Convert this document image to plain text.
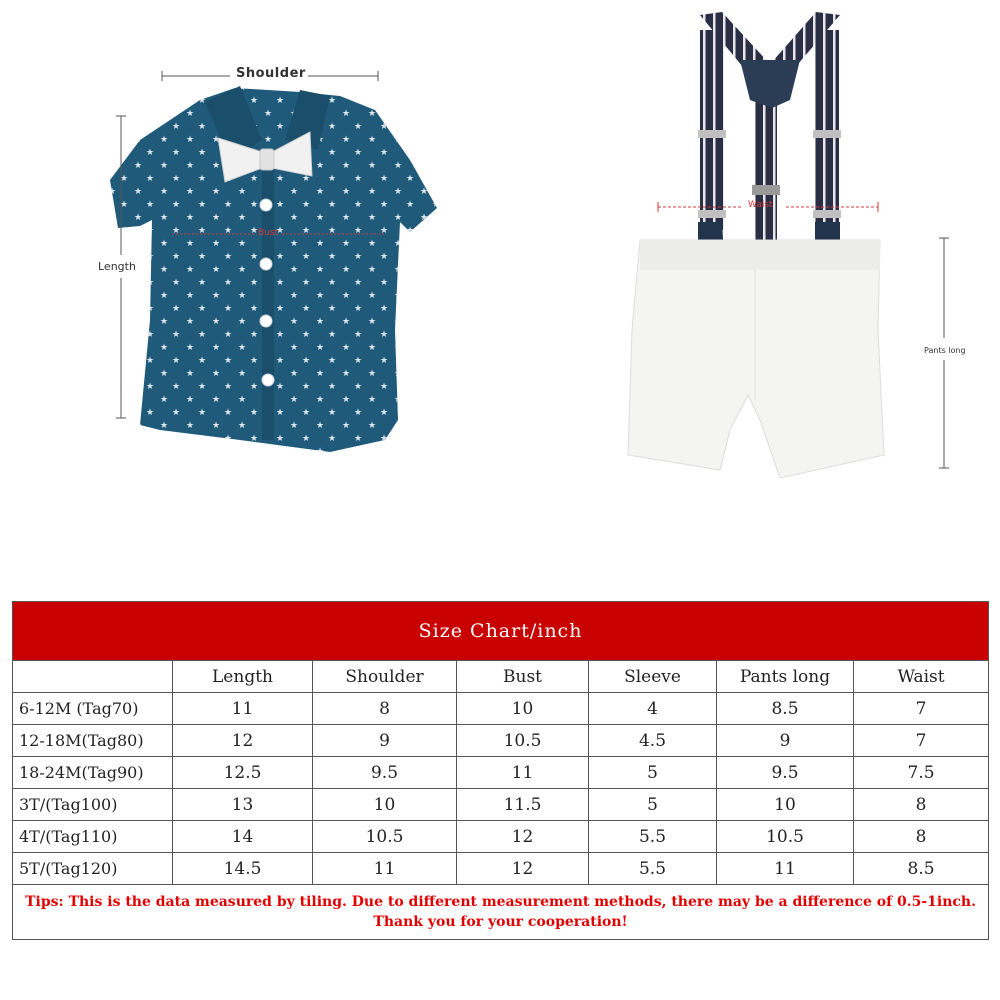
Shoulder
Length
Pants long
Bust
Waist
Size Chart/inch						
	Length	Shoulder	Bust	Sleeve	Pants long	Waist
6-12M (Tag70)	11	8	10	4	8.5	7
12-18M(Tag80)	12	9	10.5	4.5	9	7
18-24M(Tag90)	12.5	9.5	11	5	9.5	7.5
3T/(Tag100)	13	10	11.5	5	10	8
4T/(Tag110)	14	10.5	12	5.5	10.5	8
5T/(Tag120)	14.5	11	12	5.5	11	8.5
Tips: This is the data measured by tiling. Due to different measurement methods, there may be a difference of 0.5-1inch. Thank you for your cooperation!						
